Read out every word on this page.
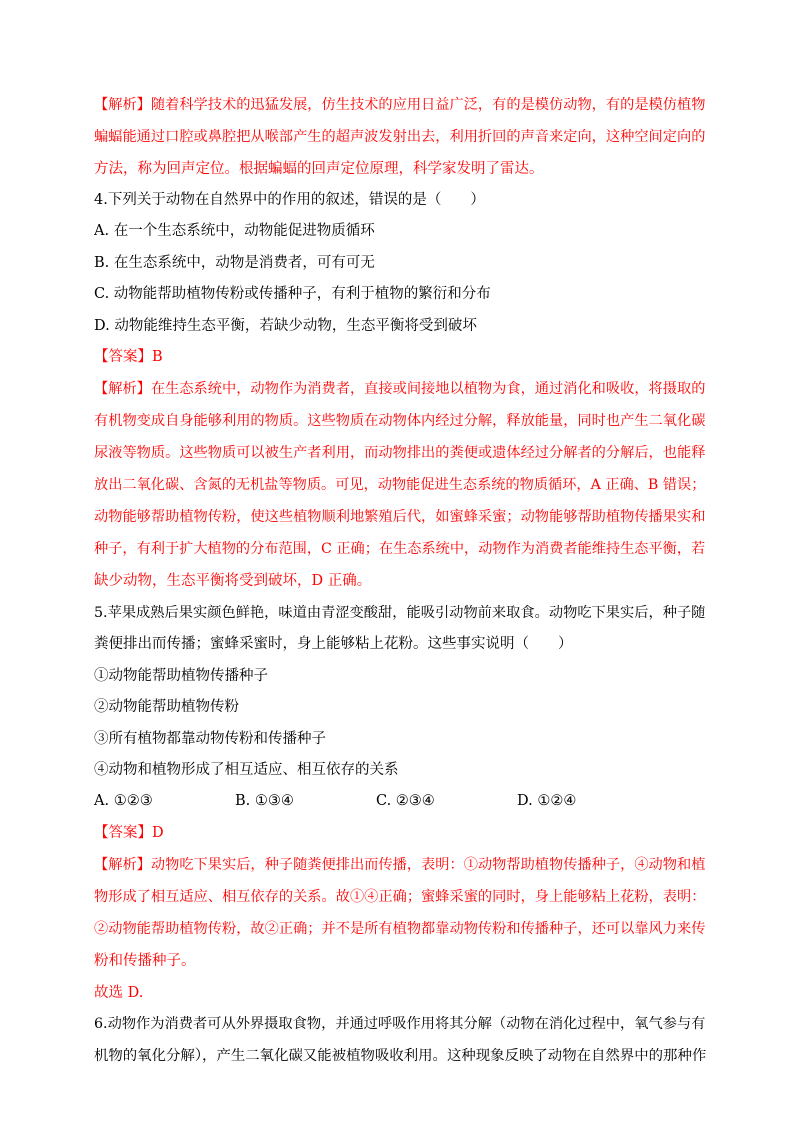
【解析】随着科学技术的迅猛发展，仿生技术的应用日益广泛，有的是模仿动物，有的是模仿植物
蝙蝠能通过口腔或鼻腔把从喉部产生的超声波发射出去，利用折回的声音来定向，这种空间定向的
方法，称为回声定位。根据蝙蝠的回声定位原理，科学家发明了雷达。
4.下列关于动物在自然界中的作用的叙述，错误的是（　　）
A. 在一个生态系统中，动物能促进物质循环
B. 在生态系统中，动物是消费者，可有可无
C. 动物能帮助植物传粉或传播种子，有利于植物的繁衍和分布
D. 动物能维持生态平衡，若缺少动物，生态平衡将受到破坏
【答案】B
【解析】在生态系统中，动物作为消费者，直接或间接地以植物为食，通过消化和吸收，将摄取的
有机物变成自身能够利用的物质。这些物质在动物体内经过分解，释放能量，同时也产生二氧化碳
尿液等物质。这些物质可以被生产者利用，而动物排出的粪便或遗体经过分解者的分解后，也能释
放出二氧化碳、含氮的无机盐等物质。可见，动物能促进生态系统的物质循环，A 正确、B 错误；
动物能够帮助植物传粉，使这些植物顺利地繁殖后代，如蜜蜂采蜜；动物能够帮助植物传播果实和
种子，有利于扩大植物的分布范围，C 正确；在生态系统中，动物作为消费者能维持生态平衡，若
缺少动物，生态平衡将受到破坏，D 正确。
5.苹果成熟后果实颜色鲜艳，味道由青涩变酸甜，能吸引动物前来取食。动物吃下果实后，种子随
粪便排出而传播；蜜蜂采蜜时，身上能够粘上花粉。这些事实说明（　　）
①动物能帮助植物传播种子
②动物能帮助植物传粉
③所有植物都靠动物传粉和传播种子
④动物和植物形成了相互适应、相互依存的关系
A. ①②③	B. ①③④	C. ②③④	D. ①②④
【答案】D
【解析】动物吃下果实后，种子随粪便排出而传播，表明：①动物帮助植物传播种子，④动物和植
物形成了相互适应、相互依存的关系。故①④正确；蜜蜂采蜜的同时，身上能够粘上花粉，表明：
②动物能帮助植物传粉，故②正确；并不是所有植物都靠动物传粉和传播种子，还可以靠风力来传
粉和传播种子。
故选 D.
6.动物作为消费者可从外界摄取食物，并通过呼吸作用将其分解（动物在消化过程中，氧气参与有
机物的氧化分解），产生二氧化碳又能被植物吸收利用。这种现象反映了动物在自然界中的那种作
